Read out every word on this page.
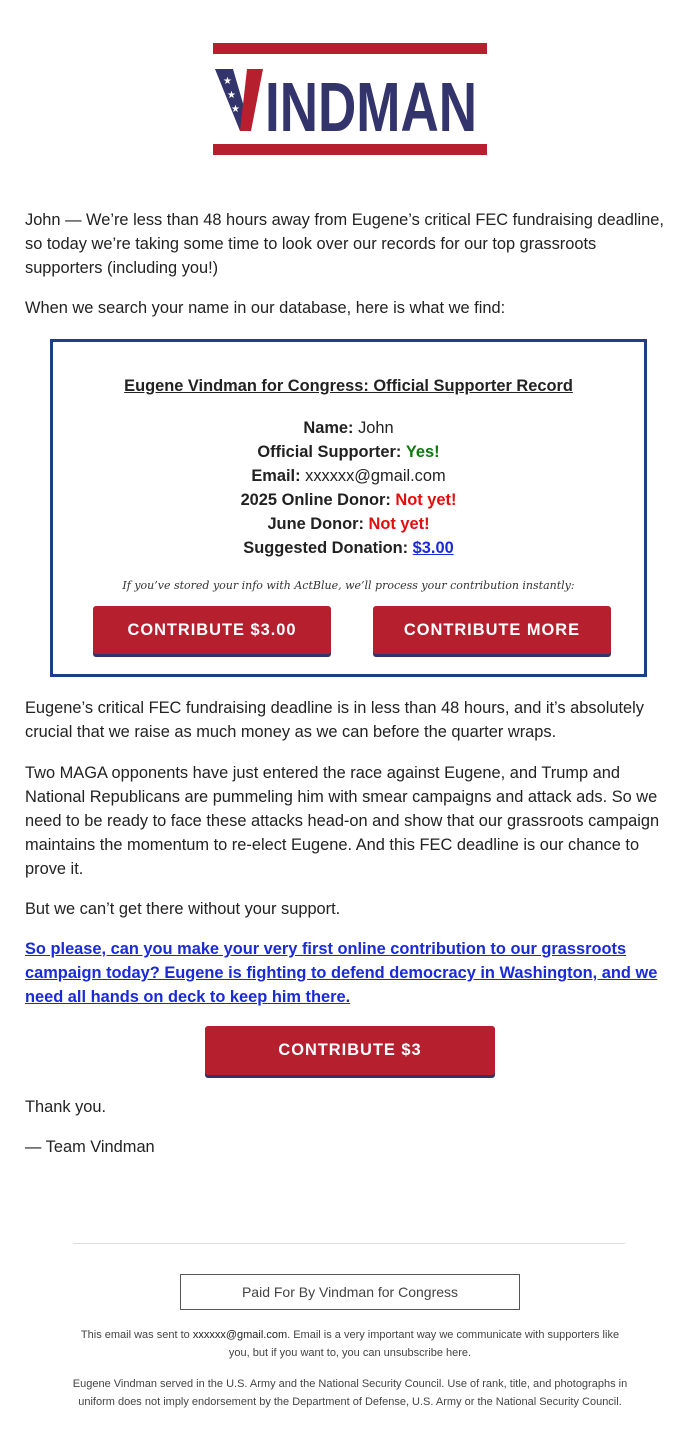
★
★
★ INDMAN

John — We’re less than 48 hours away from Eugene’s critical FEC fundraising deadline, so today we’re taking some time to look over our records for our top grassroots supporters (including you!)

When we search your name in our database, here is what we find:

Eugene Vindman for Congress: Official Supporter Record

Name: John
Official Supporter: Yes!
Email: xxxxxx@gmail.com
2025 Online Donor: Not yet!
June Donor: Not yet!
Suggested Donation: $3.00
If you’ve stored your info with ActBlue, we’ll process your contribution instantly:
CONTRIBUTE $3.00	CONTRIBUTE MORE

Eugene’s critical FEC fundraising deadline is in less than 48 hours, and it’s absolutely crucial that we raise as much money as we can before the quarter wraps.

Two MAGA opponents have just entered the race against Eugene, and Trump and National Republicans are pummeling him with smear campaigns and attack ads. So we need to be ready to face these attacks head-on and show that our grassroots campaign maintains the momentum to re-elect Eugene. And this FEC deadline is our chance to prove it.

But we can’t get there without your support.

So please, can you make your very first online contribution to our grassroots campaign today? Eugene is fighting to defend democracy in Washington, and we need all hands on deck to keep him there.

CONTRIBUTE $3

Thank you.

— Team Vindman

Paid For By Vindman for Congress

This email was sent to xxxxxx@gmail.com. Email is a very important way we communicate with supporters like you, but if you want to, you can unsubscribe here.

Eugene Vindman served in the U.S. Army and the National Security Council. Use of rank, title, and photographs in uniform does not imply endorsement by the Department of Defense, U.S. Army or the National Security Council.
